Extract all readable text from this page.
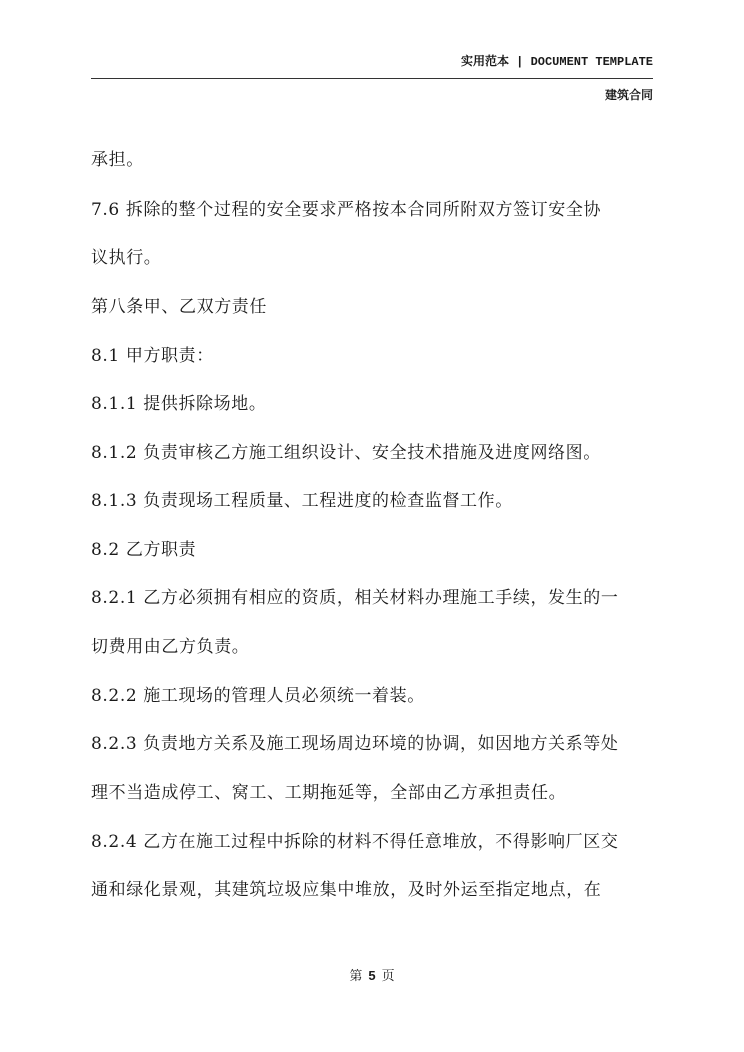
实用范本 | DOCUMENT TEMPLATE
建筑合同
承担。
7.6 拆除的整个过程的安全要求严格按本合同所附双方签订安全协
议执行。
第八条甲、乙双方责任
8.1 甲方职责：
8.1.1 提供拆除场地。
8.1.2 负责审核乙方施工组织设计、安全技术措施及进度网络图。
8.1.3 负责现场工程质量、工程进度的检查监督工作。
8.2 乙方职责
8.2.1 乙方必须拥有相应的资质，相关材料办理施工手续，发生的一
切费用由乙方负责。
8.2.2 施工现场的管理人员必须统一着装。
8.2.3 负责地方关系及施工现场周边环境的协调，如因地方关系等处
理不当造成停工、窝工、工期拖延等，全部由乙方承担责任。
8.2.4 乙方在施工过程中拆除的材料不得任意堆放，不得影响厂区交
通和绿化景观，其建筑垃圾应集中堆放，及时外运至指定地点，在
第 5 页
